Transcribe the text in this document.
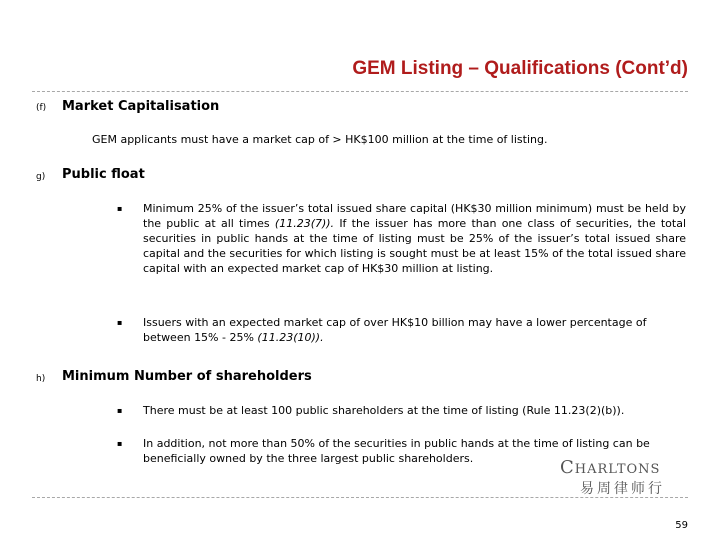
GEM Listing – Qualifications (Cont’d)
(f) Market Capitalisation
GEM applicants must have a market cap of > HK$100 million at the time of listing.
g) Public float
▪ Minimum 25% of the issuer’s total issued share capital (HK$30 million minimum) must be held by the public at all times (11.23(7)). If the issuer has more than one class of securities, the total securities in public hands at the time of listing must be 25% of the issuer’s total issued share capital and the securities for which listing is sought must be at least 15% of the total issued share capital with an expected market cap of HK$30 million at listing.
▪ Issuers with an expected market cap of over HK$10 billion may have a lower percentage of between 15% - 25% (11.23(10)).
h) Minimum Number of shareholders
▪ There must be at least 100 public shareholders at the time of listing (Rule 11.23(2)(b)).
▪ In addition, not more than 50% of the securities in public hands at the time of listing can be beneficially owned by the three largest public shareholders.	Charltons
易周律师行
59
